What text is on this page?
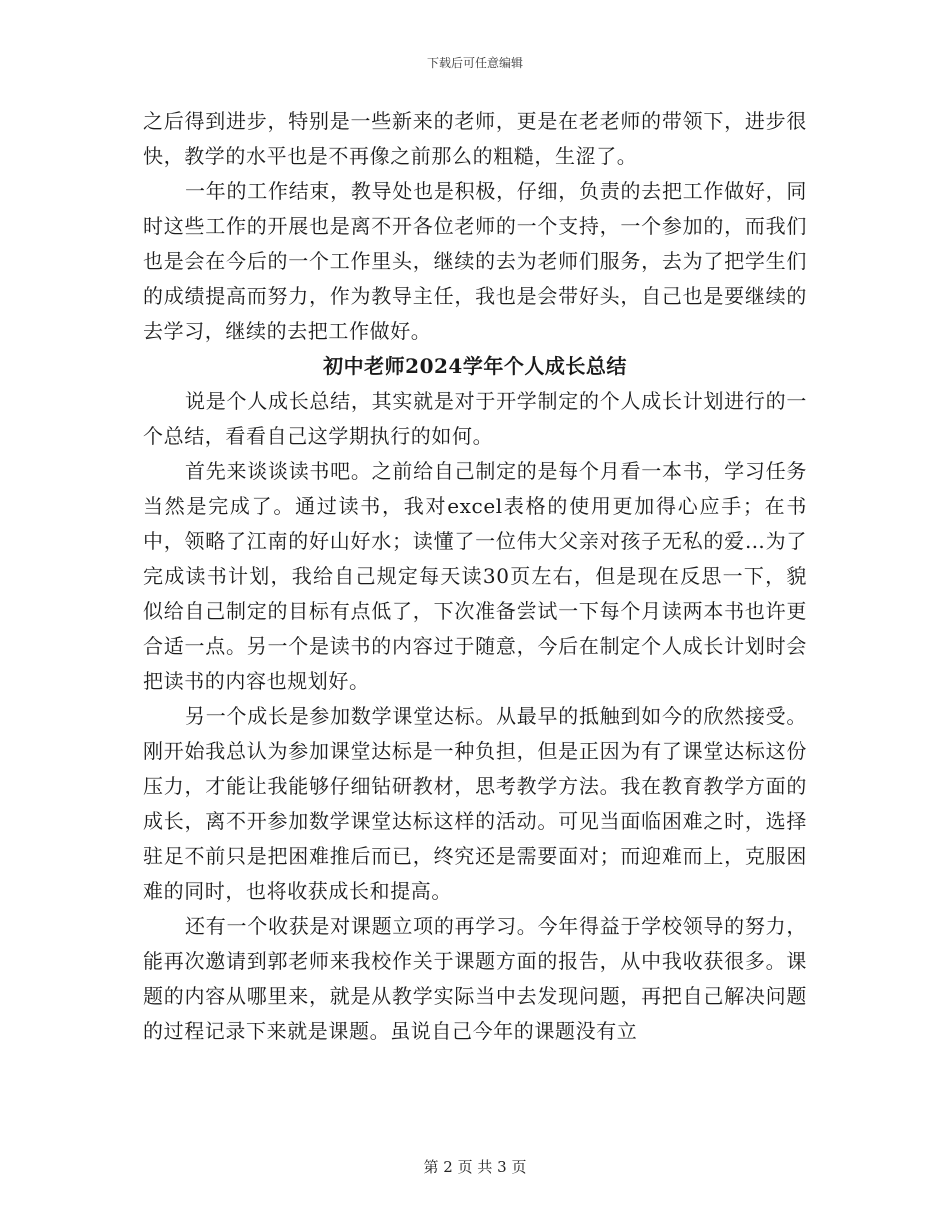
下载后可任意编辑

之后得到进步，特别是一些新来的老师，更是在老老师的带领下，进步很快，教学的水平也是不再像之前那么的粗糙，生涩了。

一年的工作结束，教导处也是积极，仔细，负责的去把工作做好，同时这些工作的开展也是离不开各位老师的一个支持，一个参加的，而我们也是会在今后的一个工作里头，继续的去为老师们服务，去为了把学生们的成绩提高而努力，作为教导主任，我也是会带好头，自己也是要继续的去学习，继续的去把工作做好。

初中老师2024学年个人成长总结

说是个人成长总结，其实就是对于开学制定的个人成长计划进行的一个总结，看看自己这学期执行的如何。

首先来谈谈读书吧。之前给自己制定的是每个月看一本书，学习任务当然是完成了。通过读书，我对excel表格的使用更加得心应手；在书中，领略了江南的好山好水；读懂了一位伟大父亲对孩子无私的爱…为了完成读书计划，我给自己规定每天读30页左右，但是现在反思一下，貌似给自己制定的目标有点低了，下次准备尝试一下每个月读两本书也许更合适一点。另一个是读书的内容过于随意，今后在制定个人成长计划时会把读书的内容也规划好。

另一个成长是参加数学课堂达标。从最早的抵触到如今的欣然接受。刚开始我总认为参加课堂达标是一种负担，但是正因为有了课堂达标这份压力，才能让我能够仔细钻研教材，思考教学方法。我在教育教学方面的成长，离不开参加数学课堂达标这样的活动。可见当面临困难之时，选择驻足不前只是把困难推后而已，终究还是需要面对；而迎难而上，克服困难的同时，也将收获成长和提高。

还有一个收获是对课题立项的再学习。今年得益于学校领导的努力，能再次邀请到郭老师来我校作关于课题方面的报告，从中我收获很多。课题的内容从哪里来，就是从教学实际当中去发现问题，再把自己解决问题的过程记录下来就是课题。虽说自己今年的课题没有立

第 2 页 共 3 页
